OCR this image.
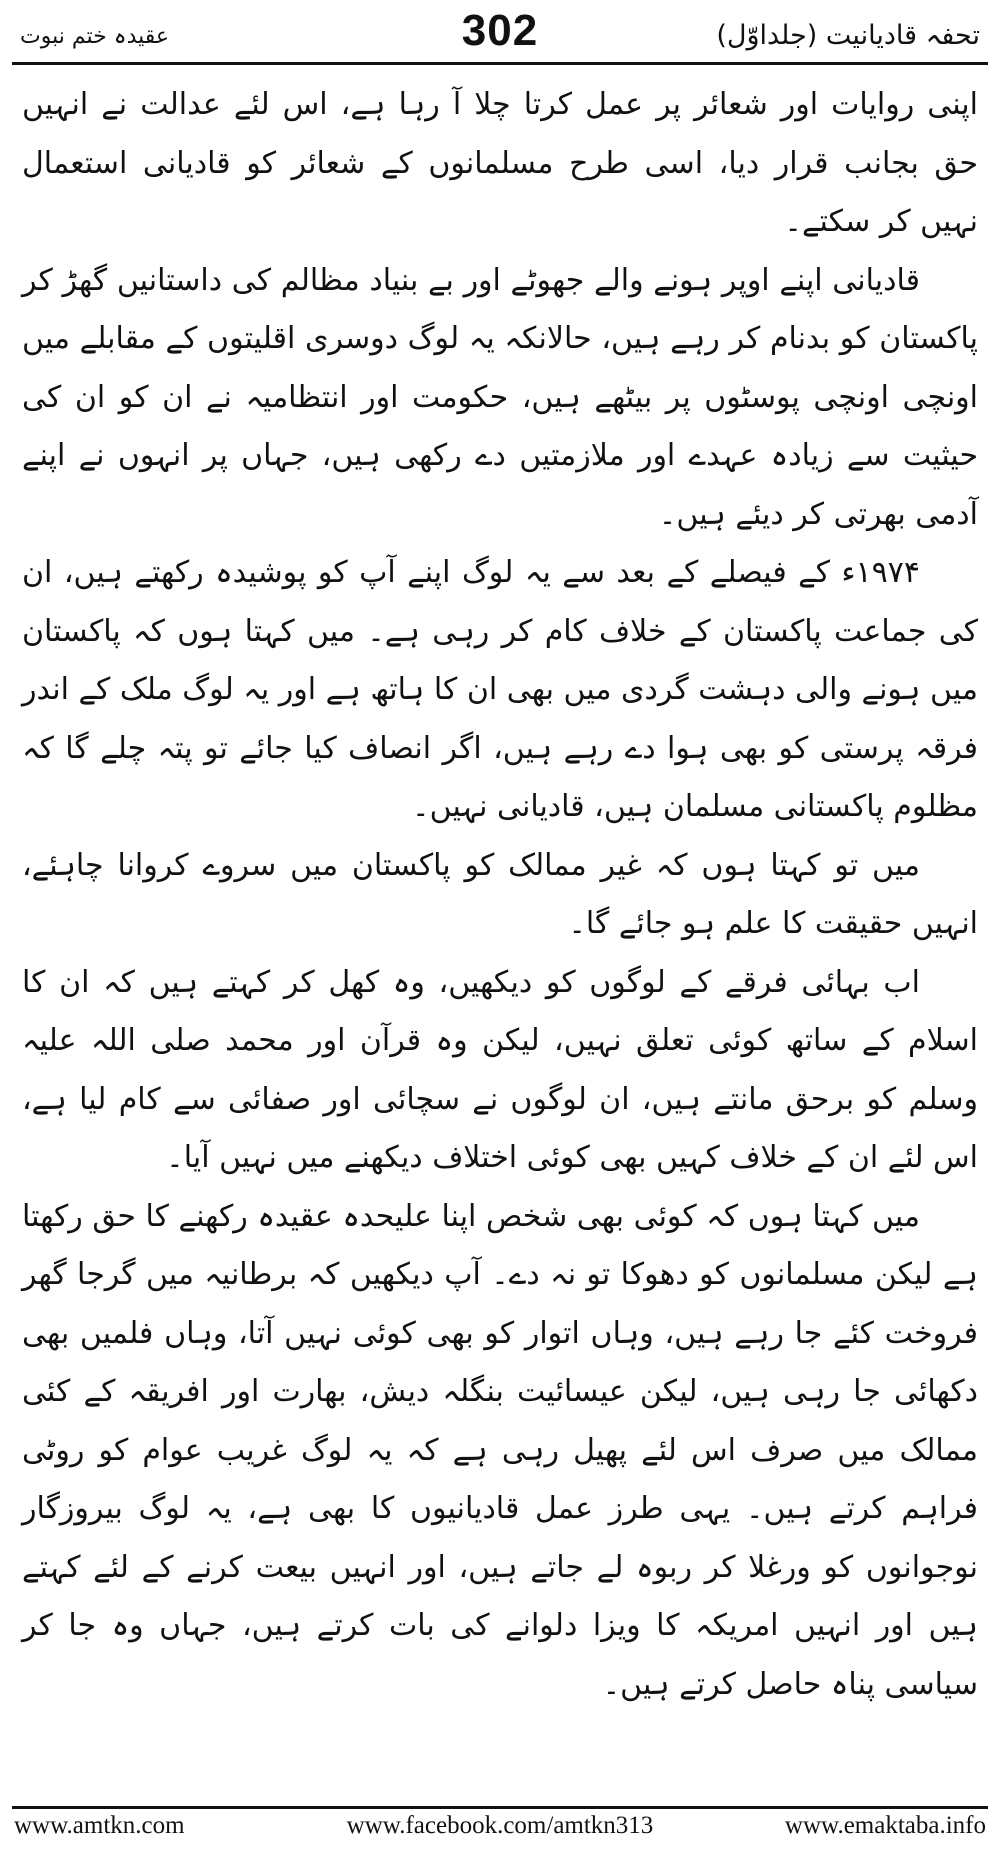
تحفہ قادیانیت (جلداوّل)
302
عقیدہ ختم نبوت

اپنی روایات اور شعائر پر عمل کرتا چلا آ رہا ہے، اس لئے عدالت نے انہیں حق بجانب قرار دیا، اسی طرح مسلمانوں کے شعائر کو قادیانی استعمال نہیں کر سکتے۔

قادیانی اپنے اوپر ہونے والے جھوٹے اور بے بنیاد مظالم کی داستانیں گھڑ کر پاکستان کو بدنام کر رہے ہیں، حالانکہ یہ لوگ دوسری اقلیتوں کے مقابلے میں اونچی اونچی پوسٹوں پر بیٹھے ہیں، حکومت اور انتظامیہ نے ان کو ان کی حیثیت سے زیادہ عہدے اور ملازمتیں دے رکھی ہیں، جہاں پر انہوں نے اپنے آدمی بھرتی کر دیئے ہیں۔

۱۹۷۴ء کے فیصلے کے بعد سے یہ لوگ اپنے آپ کو پوشیدہ رکھتے ہیں، ان کی جماعت پاکستان کے خلاف کام کر رہی ہے۔ میں کہتا ہوں کہ پاکستان میں ہونے والی دہشت گردی میں بھی ان کا ہاتھ ہے اور یہ لوگ ملک کے اندر فرقہ پرستی کو بھی ہوا دے رہے ہیں، اگر انصاف کیا جائے تو پتہ چلے گا کہ مظلوم پاکستانی مسلمان ہیں، قادیانی نہیں۔

میں تو کہتا ہوں کہ غیر ممالک کو پاکستان میں سروے کروانا چاہئے، انہیں حقیقت کا علم ہو جائے گا۔

اب بہائی فرقے کے لوگوں کو دیکھیں، وہ کھل کر کہتے ہیں کہ ان کا اسلام کے ساتھ کوئی تعلق نہیں، لیکن وہ قرآن اور محمد صلی اللہ علیہ وسلم کو برحق مانتے ہیں، ان لوگوں نے سچائی اور صفائی سے کام لیا ہے، اس لئے ان کے خلاف کہیں بھی کوئی اختلاف دیکھنے میں نہیں آیا۔

میں کہتا ہوں کہ کوئی بھی شخص اپنا علیحدہ عقیدہ رکھنے کا حق رکھتا ہے لیکن مسلمانوں کو دھوکا تو نہ دے۔ آپ دیکھیں کہ برطانیہ میں گرجا گھر فروخت کئے جا رہے ہیں، وہاں اتوار کو بھی کوئی نہیں آتا، وہاں فلمیں بھی دکھائی جا رہی ہیں، لیکن عیسائیت بنگلہ دیش، بھارت اور افریقہ کے کئی ممالک میں صرف اس لئے پھیل رہی ہے کہ یہ لوگ غریب عوام کو روٹی فراہم کرتے ہیں۔ یہی طرز عمل قادیانیوں کا بھی ہے، یہ لوگ بیروزگار نوجوانوں کو ورغلا کر ربوہ لے جاتے ہیں، اور انہیں بیعت کرنے کے لئے کہتے ہیں اور انہیں امریکہ کا ویزا دلوانے کی بات کرتے ہیں، جہاں وہ جا کر سیاسی پناہ حاصل کرتے ہیں۔

www.amtkn.com	www.facebook.com/amtkn313	www.emaktaba.info
